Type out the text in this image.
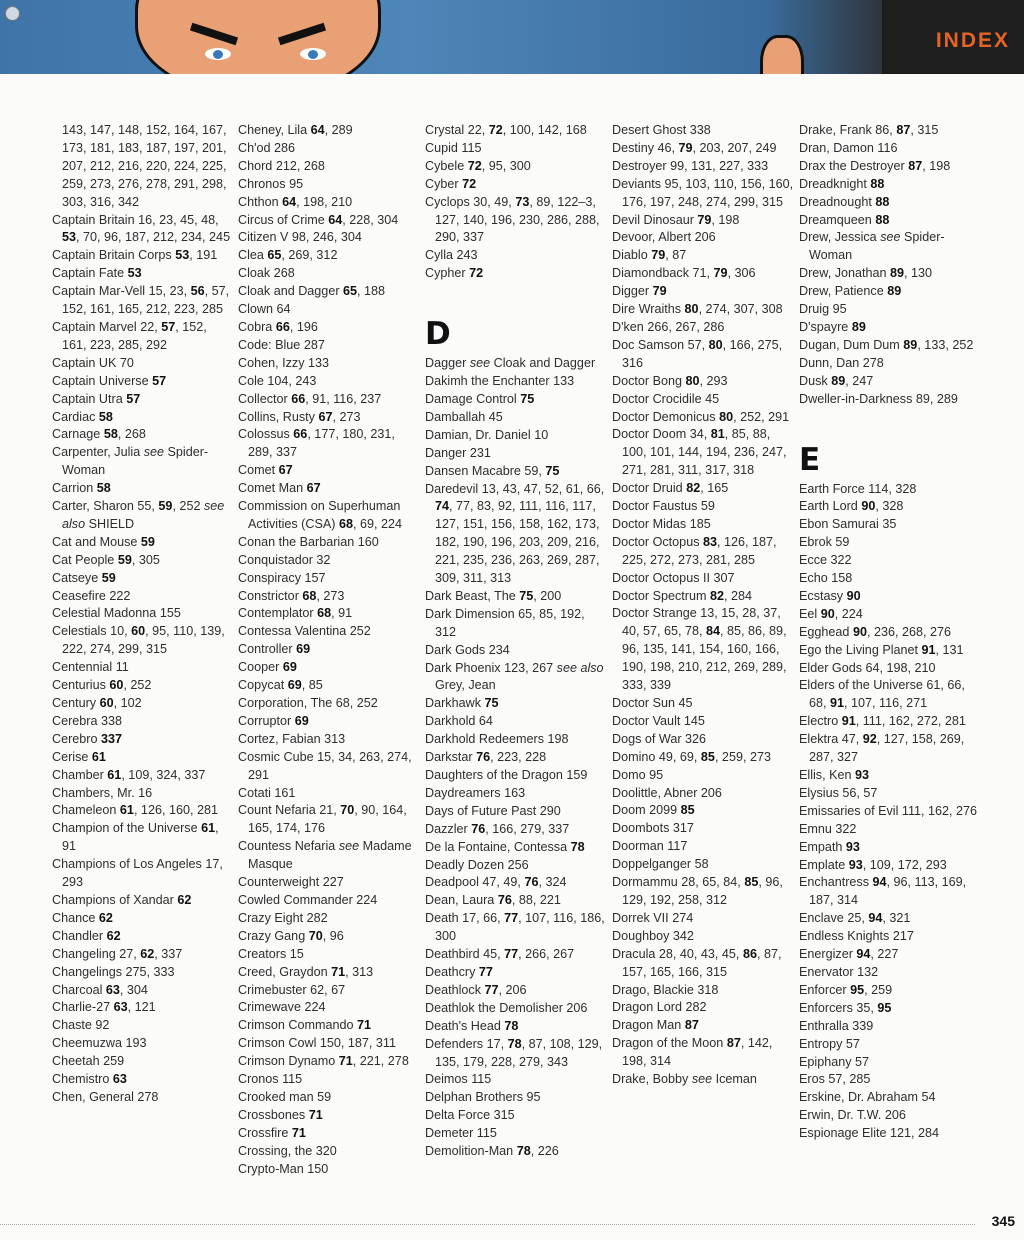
INDEX
143, 147, 148, 152, 164, 167, 173, 181, 183, 187, 197, 201, 207, 212, 216, 220, 224, 225, 259, 273, 276, 278, 291, 298, 303, 316, 342
Captain Britain 16, 23, 45, 48, 53, 70, 96, 187, 212, 234, 245
Captain Britain Corps 53, 191
Captain Fate 53
Captain Mar-Vell 15, 23, 56, 57, 152, 161, 165, 212, 223, 285
Captain Marvel 22, 57, 152, 161, 223, 285, 292
Captain UK 70
Captain Universe 57
Captain Utra 57
Cardiac 58
Carnage 58, 268
Carpenter, Julia see Spider-Woman
Carrion 58
Carter, Sharon 55, 59, 252 see also SHIELD
Cat and Mouse 59
Cat People 59, 305
Catseye 59
Ceasefire 222
Celestial Madonna 155
Celestials 10, 60, 95, 110, 139, 222, 274, 299, 315
Centennial 11
Centurius 60, 252
Century 60, 102
Cerebra 338
Cerebro 337
Cerise 61
Chamber 61, 109, 324, 337
Chambers, Mr. 16
Chameleon 61, 126, 160, 281
Champion of the Universe 61, 91
Champions of Los Angeles 17, 293
Champions of Xandar 62
Chance 62
Chandler 62
Changeling 27, 62, 337
Changelings 275, 333
Charcoal 63, 304
Charlie-27 63, 121
Chaste 92
Cheemuzwa 193
Cheetah 259
Chemistro 63
Chen, General 278
Cheney, Lila 64, 289
Ch'od 286
Chord 212, 268
Chronos 95
Chthon 64, 198, 210
Circus of Crime 64, 228, 304
Citizen V 98, 246, 304
Clea 65, 269, 312
Cloak 268
Cloak and Dagger 65, 188
Clown 64
Cobra 66, 196
Code: Blue 287
Cohen, Izzy 133
Cole 104, 243
Collector 66, 91, 116, 237
Collins, Rusty 67, 273
Colossus 66, 177, 180, 231, 289, 337
Comet 67
Comet Man 67
Commission on Superhuman Activities (CSA) 68, 69, 224
Conan the Barbarian 160
Conquistador 32
Conspiracy 157
Constrictor 68, 273
Contemplator 68, 91
Contessa Valentina 252
Controller 69
Cooper 69
Copycat 69, 85
Corporation, The 68, 252
Corruptor 69
Cortez, Fabian 313
Cosmic Cube 15, 34, 263, 274, 291
Cotati 161
Count Nefaria 21, 70, 90, 164, 165, 174, 176
Countess Nefaria see Madame Masque
Counterweight 227
Cowled Commander 224
Crazy Eight 282
Crazy Gang 70, 96
Creators 15
Creed, Graydon 71, 313
Crimebuster 62, 67
Crimewave 224
Crimson Commando 71
Crimson Cowl 150, 187, 311
Crimson Dynamo 71, 221, 278
Cronos 115
Crooked man 59
Crossbones 71
Crossfire 71
Crossing, the 320
Crypto-Man 150
Crystal 22, 72, 100, 142, 168
Cupid 115
Cybele 72, 95, 300
Cyber 72
Cyclops 30, 49, 73, 89, 122–3, 127, 140, 196, 230, 286, 288, 290, 337
Cylla 243
Cypher 72
D
Dagger see Cloak and Dagger
Dakimh the Enchanter 133
Damage Control 75
Damballah 45
Damian, Dr. Daniel 10
Danger 231
Dansen Macabre 59, 75
Daredevil 13, 43, 47, 52, 61, 66, 74, 77, 83, 92, 111, 116, 117, 127, 151, 156, 158, 162, 173, 182, 190, 196, 203, 209, 216, 221, 235, 236, 263, 269, 287, 309, 311, 313
Dark Beast, The 75, 200
Dark Dimension 65, 85, 192, 312
Dark Gods 234
Dark Phoenix 123, 267 see also Grey, Jean
Darkhawk 75
Darkhold 64
Darkhold Redeemers 198
Darkstar 76, 223, 228
Daughters of the Dragon 159
Daydreamers 163
Days of Future Past 290
Dazzler 76, 166, 279, 337
De la Fontaine, Contessa 78
Deadly Dozen 256
Deadpool 47, 49, 76, 324
Dean, Laura 76, 88, 221
Death 17, 66, 77, 107, 116, 186, 300
Deathbird 45, 77, 266, 267
Deathcry 77
Deathlock 77, 206
Deathlok the Demolisher 206
Death's Head 78
Defenders 17, 78, 87, 108, 129, 135, 179, 228, 279, 343
Deimos 115
Delphan Brothers 95
Delta Force 315
Demeter 115
Demolition-Man 78, 226
Desert Ghost 338
Destiny 46, 79, 203, 207, 249
Destroyer 99, 131, 227, 333
Deviants 95, 103, 110, 156, 160, 176, 197, 248, 274, 299, 315
Devil Dinosaur 79, 198
Devoor, Albert 206
Diablo 79, 87
Diamondback 71, 79, 306
Digger 79
Dire Wraiths 80, 274, 307, 308
D'ken 266, 267, 286
Doc Samson 57, 80, 166, 275, 316
Doctor Bong 80, 293
Doctor Crocidile 45
Doctor Demonicus 80, 252, 291
Doctor Doom 34, 81, 85, 88, 100, 101, 144, 194, 236, 247, 271, 281, 311, 317, 318
Doctor Druid 82, 165
Doctor Faustus 59
Doctor Midas 185
Doctor Octopus 83, 126, 187, 225, 272, 273, 281, 285
Doctor Octopus II 307
Doctor Spectrum 82, 284
Doctor Strange 13, 15, 28, 37, 40, 57, 65, 78, 84, 85, 86, 89, 96, 135, 141, 154, 160, 166, 190, 198, 210, 212, 269, 289, 333, 339
Doctor Sun 45
Doctor Vault 145
Dogs of War 326
Domino 49, 69, 85, 259, 273
Domo 95
Doolittle, Abner 206
Doom 2099 85
Doombots 317
Doorman 117
Doppelganger 58
Dormammu 28, 65, 84, 85, 96, 129, 192, 258, 312
Dorrek VII 274
Doughboy 342
Dracula 28, 40, 43, 45, 86, 87, 157, 165, 166, 315
Drago, Blackie 318
Dragon Lord 282
Dragon Man 87
Dragon of the Moon 87, 142, 198, 314
Drake, Bobby see Iceman
Drake, Frank 86, 87, 315
Dran, Damon 116
Drax the Destroyer 87, 198
Dreadknight 88
Dreadnought 88
Dreamqueen 88
Drew, Jessica see Spider-Woman
Drew, Jonathan 89, 130
Drew, Patience 89
Druig 95
D'spayre 89
Dugan, Dum Dum 89, 133, 252
Dunn, Dan 278
Dusk 89, 247
Dweller-in-Darkness 89, 289
E
Earth Force 114, 328
Earth Lord 90, 328
Ebon Samurai 35
Ebrok 59
Ecce 322
Echo 158
Ecstasy 90
Eel 90, 224
Egghead 90, 236, 268, 276
Ego the Living Planet 91, 131
Elder Gods 64, 198, 210
Elders of the Universe 61, 66, 68, 91, 107, 116, 271
Electro 91, 111, 162, 272, 281
Elektra 47, 92, 127, 158, 269, 287, 327
Ellis, Ken 93
Elysius 56, 57
Emissaries of Evil 111, 162, 276
Emnu 322
Empath 93
Emplate 93, 109, 172, 293
Enchantress 94, 96, 113, 169, 187, 314
Enclave 25, 94, 321
Endless Knights 217
Energizer 94, 227
Enervator 132
Enforcer 95, 259
Enforcers 35, 95
Enthralla 339
Entropy 57
Epiphany 57
Eros 57, 285
Erskine, Dr. Abraham 54
Erwin, Dr. T.W. 206
Espionage Elite 121, 284
345
